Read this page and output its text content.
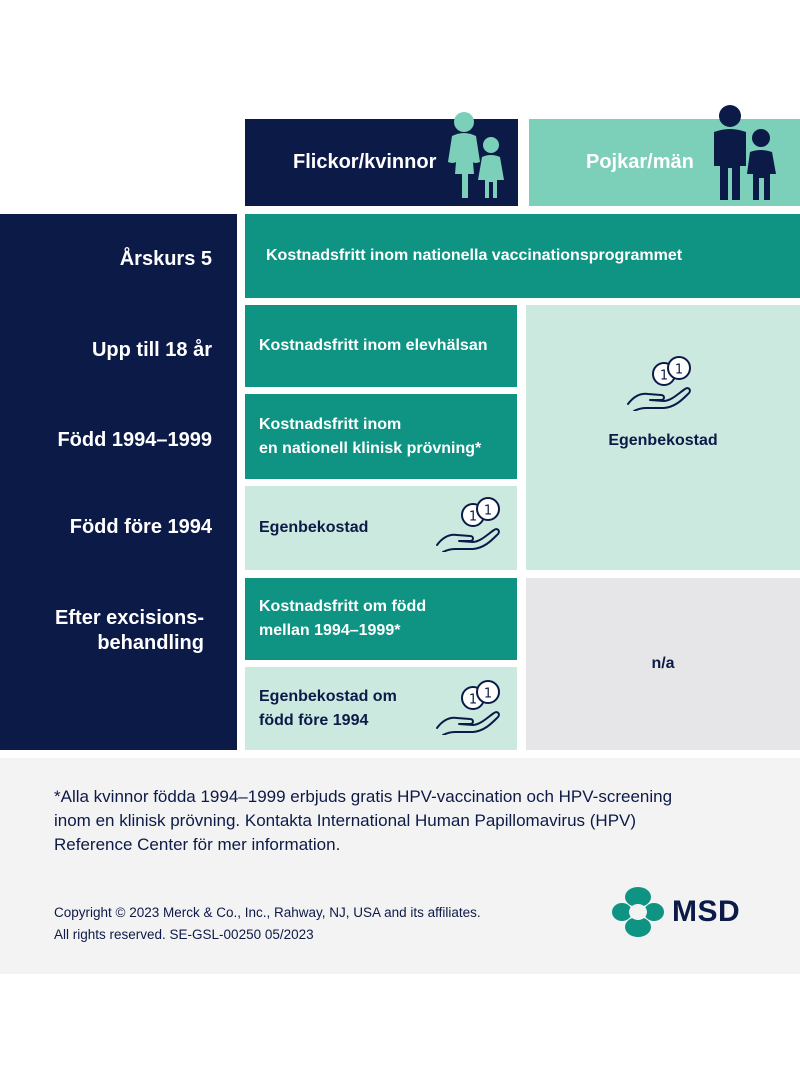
Flickor/kvinnor	Pojkar/män
Årskurs 5
Upp till 18 år
Född 1994–1999
Född före 1994
Efter excisions-
behandling
Kostnadsfritt inom nationella vaccinationsprogrammet
Kostnadsfritt inom elevhälsan
Kostnadsfritt inom
en nationell klinisk prövning*
Egenbekostad
Kostnadsfritt om född
mellan 1994–1999*
Egenbekostad om
född före 1994
Egenbekostad
n/a
*Alla kvinnor födda 1994–1999 erbjuds gratis HPV-vaccination och HPV-screening
inom en klinisk prövning. Kontakta International Human Papillomavirus (HPV)
Reference Center för mer information.
Copyright © 2023 Merck & Co., Inc., Rahway, NJ, USA and its affiliates.
All rights reserved. SE-GSL-00250 05/2023
MSD
